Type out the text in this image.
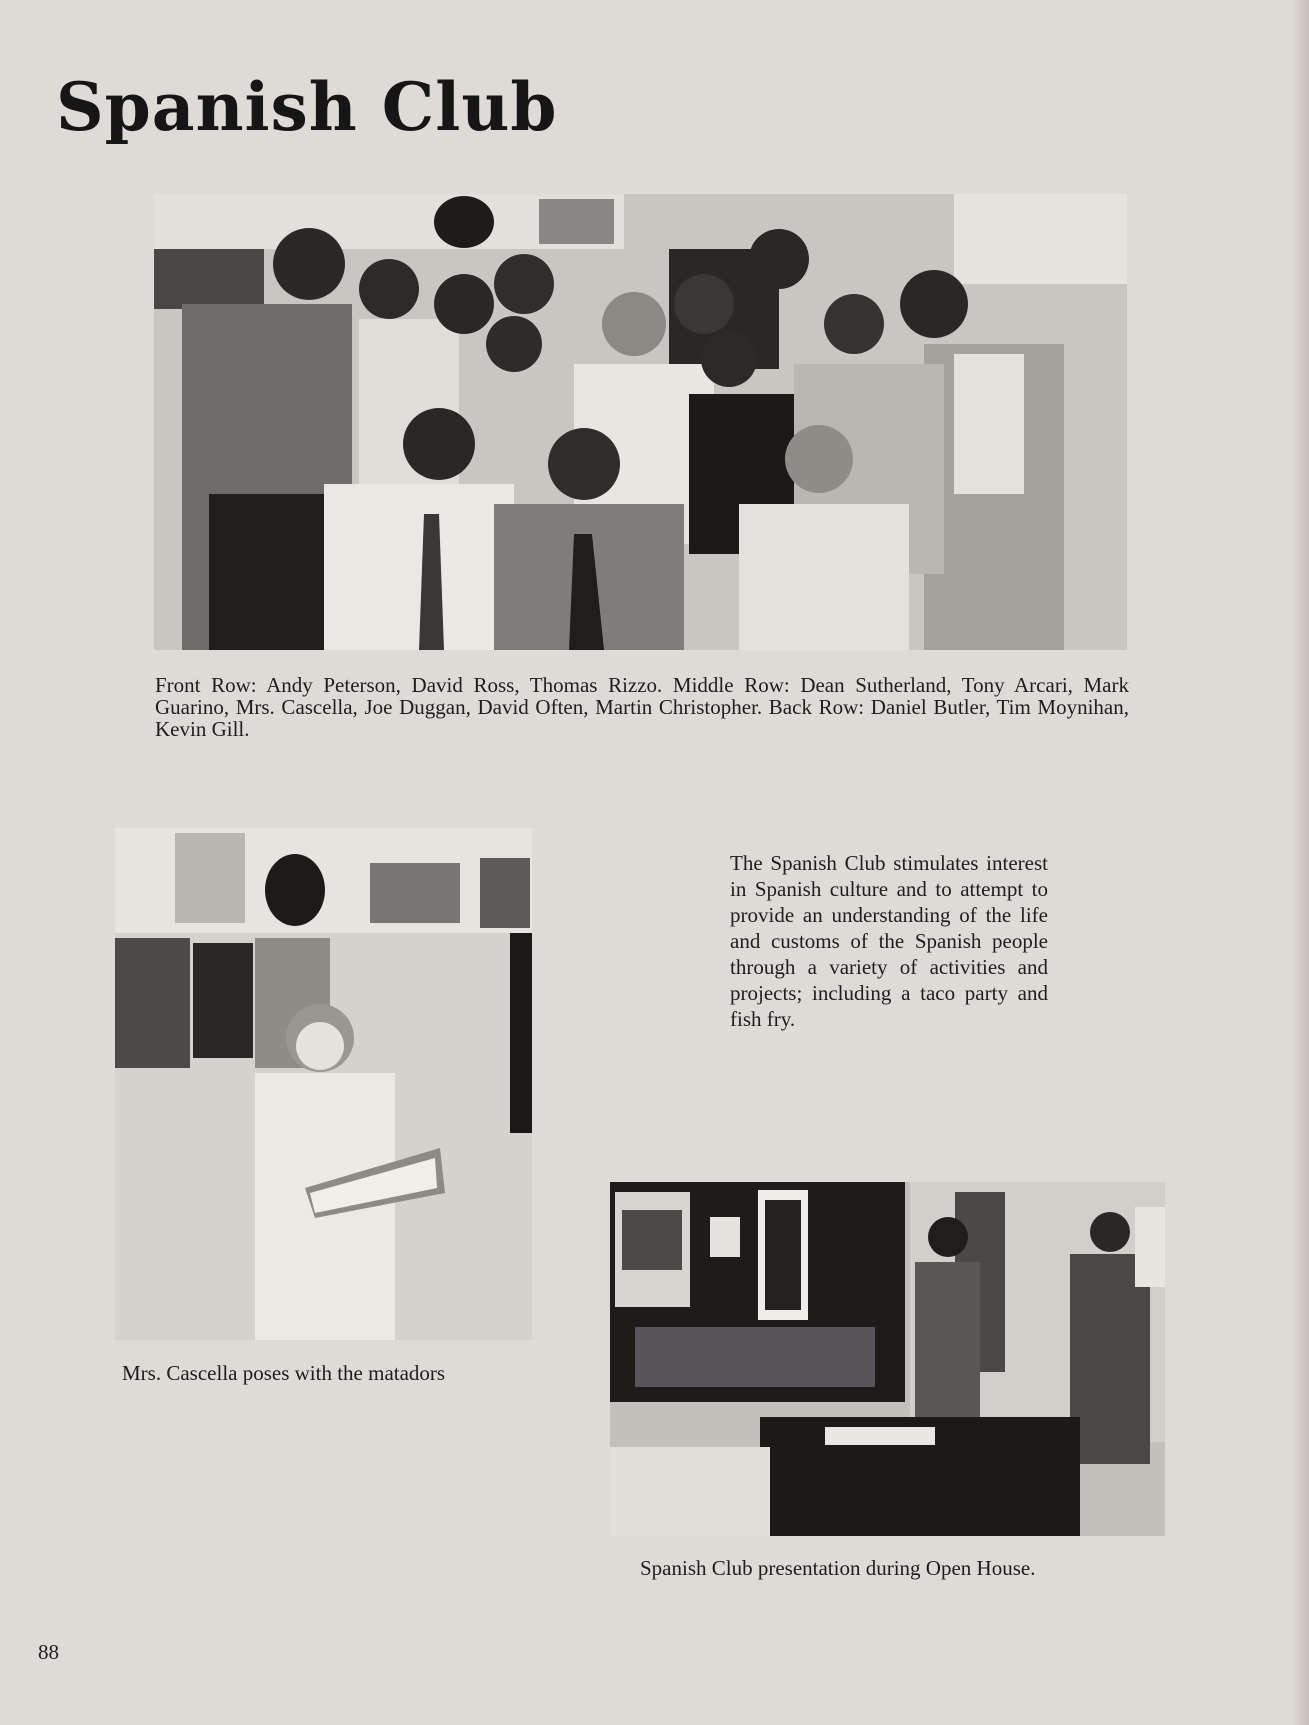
Spanish Club

Front Row: Andy Peterson, David Ross, Thomas Rizzo. Middle Row: Dean Sutherland, Tony Arcari, Mark Guarino, Mrs. Cascella, Joe Duggan, David Often, Martin Christopher. Back Row: Daniel Butler, Tim Moynihan, Kevin Gill.

Mrs. Cascella poses with the matadors

The Spanish Club stimulates interest in Spanish culture and to attempt to provide an understanding of the life and customs of the Spanish people through a variety of activities and projects; including a taco party and fish fry.

Spanish Club presentation during Open House.

88
